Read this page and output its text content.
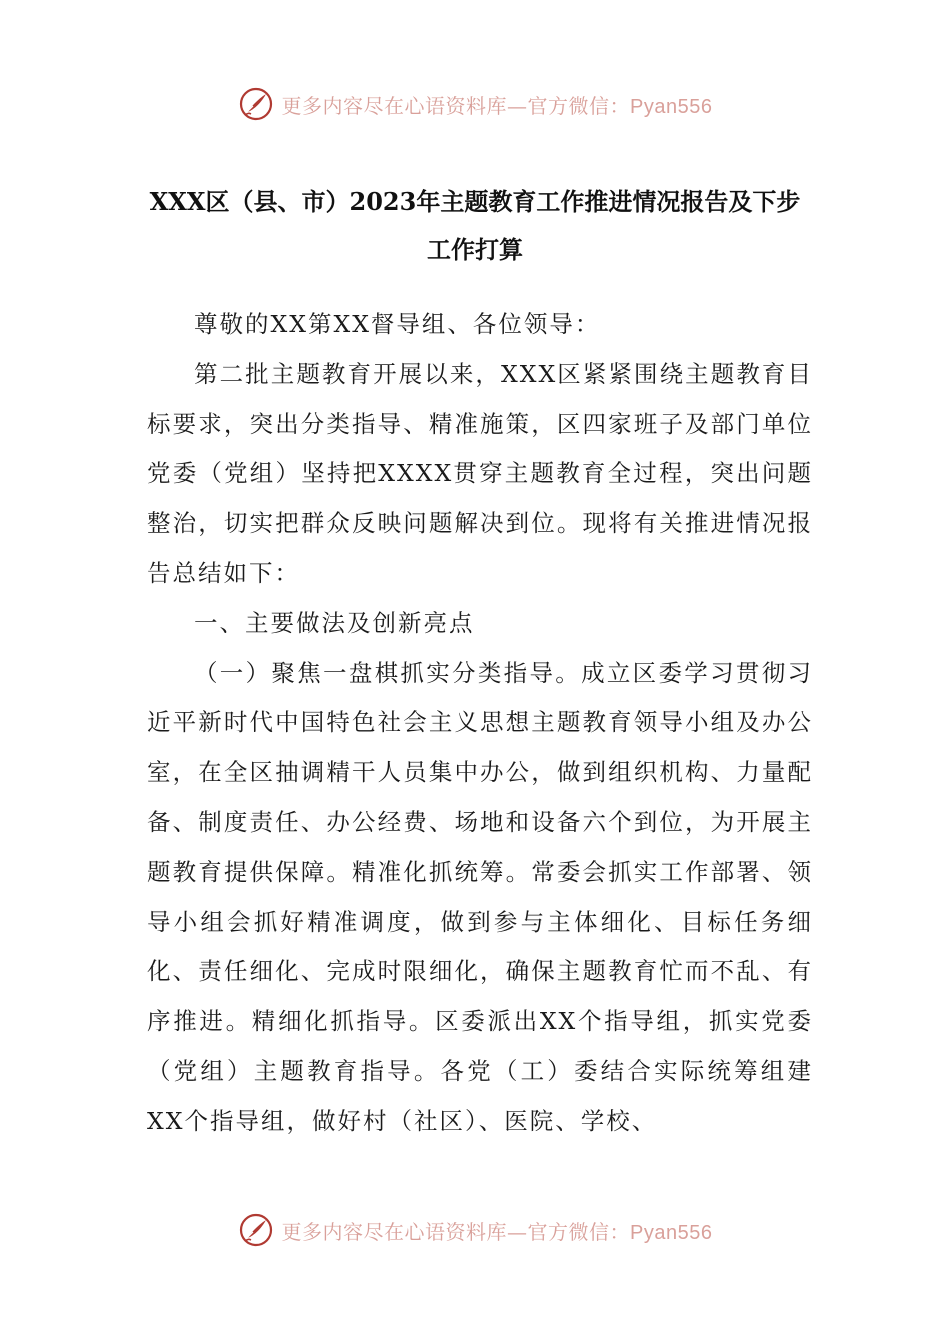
更多内容尽在心语资料库—官方微信：Pyan556
XXX区（县、市）2023年主题教育工作推进情况报告及下步
工作打算

尊敬的XX第XX督导组、各位领导：

第二批主题教育开展以来，XXX区紧紧围绕主题教育目标要求，突出分类指导、精准施策，区四家班子及部门单位党委（党组）坚持把XXXX贯穿主题教育全过程，突出问题整治，切实把群众反映问题解决到位。现将有关推进情况报告总结如下：

一、主要做法及创新亮点

（一）聚焦一盘棋抓实分类指导。成立区委学习贯彻习近平新时代中国特色社会主义思想主题教育领导小组及办公室，在全区抽调精干人员集中办公，做到组织机构、力量配备、制度责任、办公经费、场地和设备六个到位，为开展主题教育提供保障。精准化抓统筹。常委会抓实工作部署、领导小组会抓好精准调度，做到参与主体细化、目标任务细化、责任细化、完成时限细化，确保主题教育忙而不乱、有序推进。精细化抓指导。区委派出XX个指导组，抓实党委（党组）主题教育指导。各党（工）委结合实际统筹组建XX个指导组，做好村（社区）、医院、学校、

更多内容尽在心语资料库—官方微信：Pyan556
